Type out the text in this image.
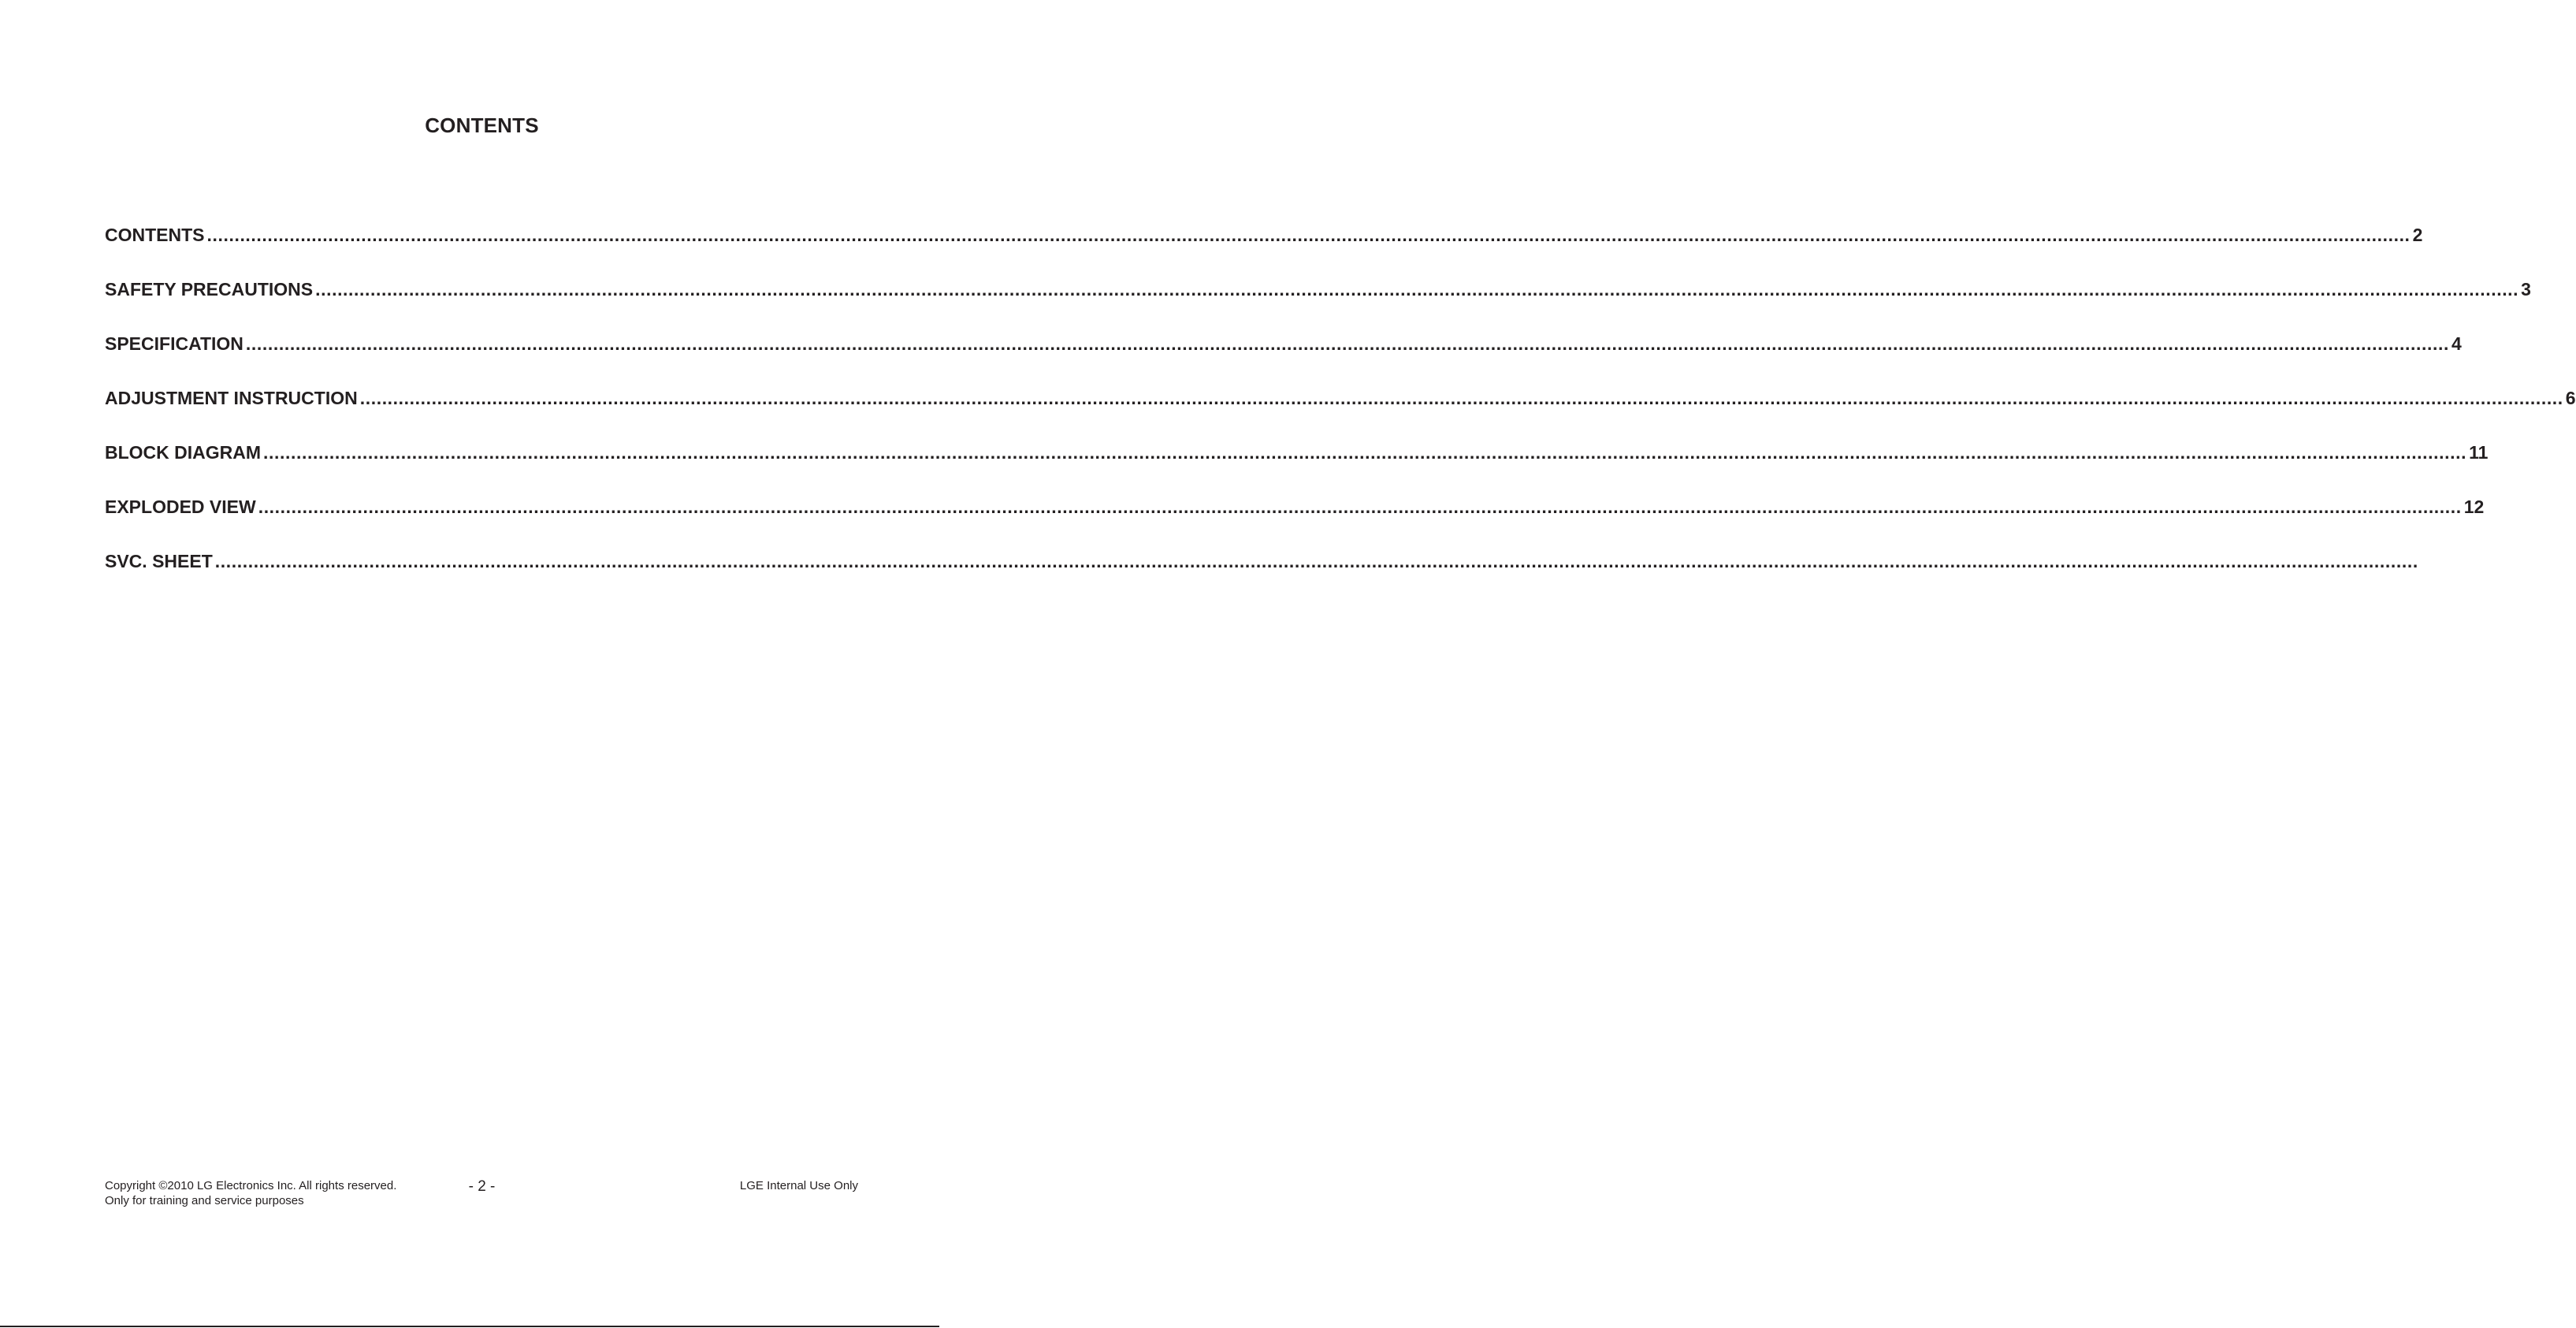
CONTENTS
CONTENTS ................................................................................................................................................................................................................................................................................................................................................................................................................ 2
SAFETY PRECAUTIONS ................................................................................................................................................................................................................................................................................................................................................................................................................ 3
SPECIFICATION ................................................................................................................................................................................................................................................................................................................................................................................................................ 4
ADJUSTMENT INSTRUCTION ................................................................................................................................................................................................................................................................................................................................................................................................................ 6
BLOCK DIAGRAM ................................................................................................................................................................................................................................................................................................................................................................................................................ 11
EXPLODED VIEW ................................................................................................................................................................................................................................................................................................................................................................................................................ 12
SVC. SHEET ................................................................................................................................................................................................................................................................................................................................................................................................................
Copyright ©2010 LG Electronics Inc. All rights reserved.
Only for training and service purposes
- 2 -	LGE Internal Use Only
